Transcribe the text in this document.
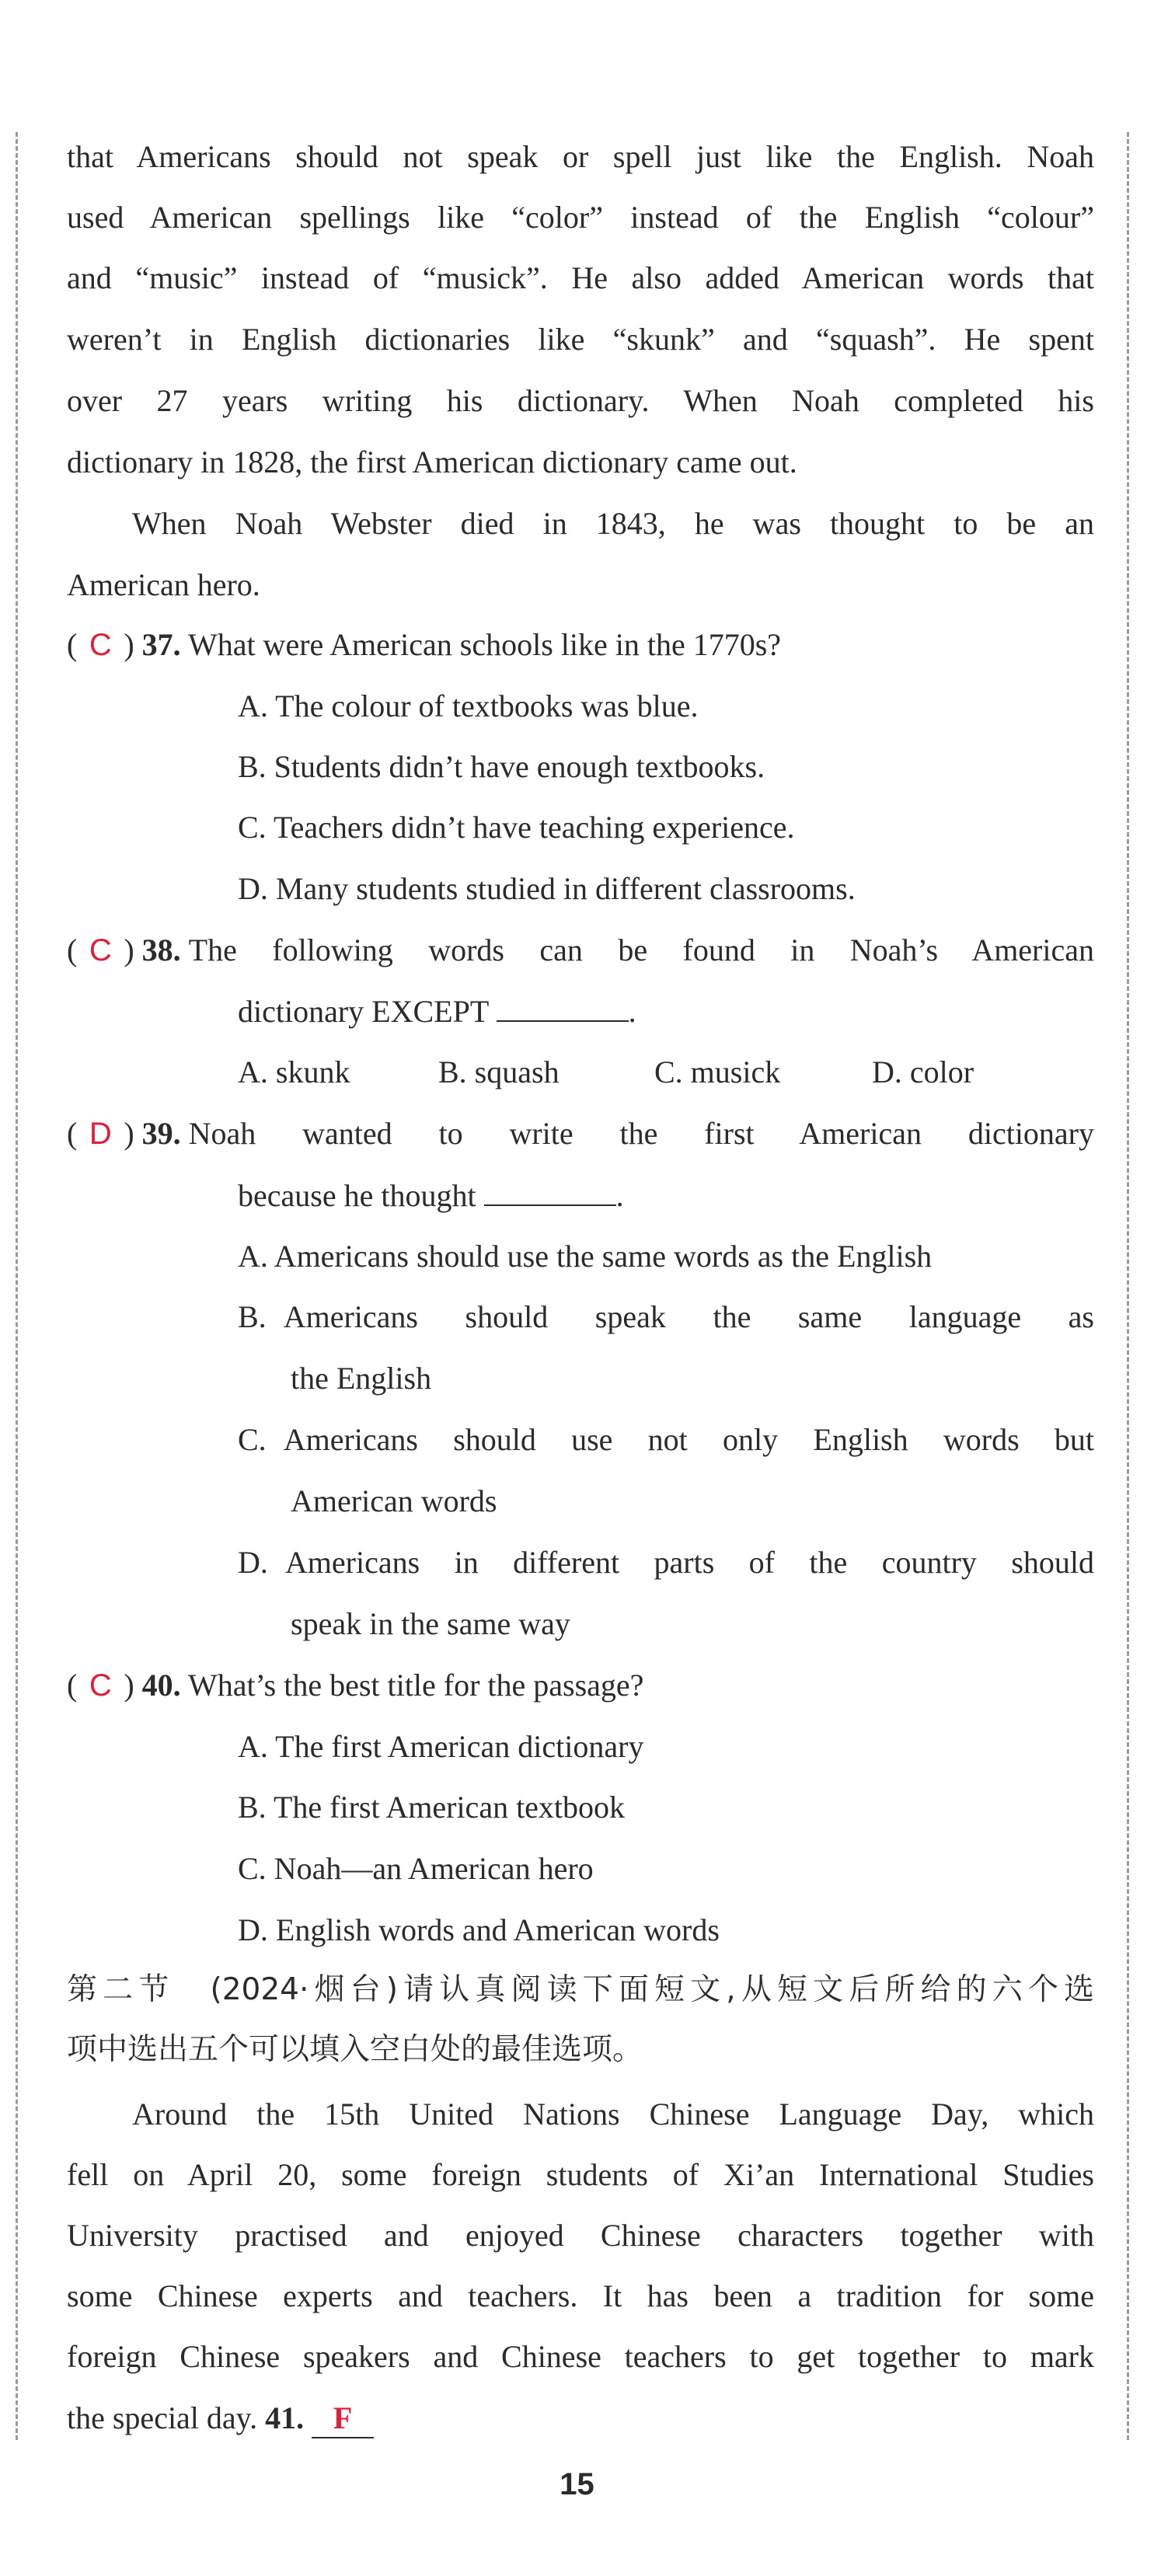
that Americans should not speak or spell just like the English. Noah
used American spellings like “color” instead of the English “colour”
and “music” instead of “musick”. He also added American words that
weren’t in English dictionaries like “skunk” and “squash”. He spent
over 27 years writing his dictionary. When Noah completed his
dictionary in 1828, the first American dictionary came out.
When Noah Webster died in 1843, he was thought to be an
American hero.
( C ) 37. What were American schools like in the 1770s?
A. The colour of textbooks was blue.
B. Students didn’t have enough textbooks.
C. Teachers didn’t have teaching experience.
D. Many students studied in different classrooms.
( C ) 38. The following words can be found in Noah’s American
dictionary EXCEPT	.
A. skunk	B. squash	C. musick	D. color
( D ) 39. Noah wanted to write the first American dictionary
because he thought	.
A. Americans should use the same words as the English
B. Americans should speak the same language as
the English
C. Americans should use not only English words but
American words
D. Americans in different parts of the country should
speak in the same way
( C ) 40. What’s the best title for the passage?
A. The first American dictionary
B. The first American textbook
C. Noah—an American hero
D. English words and American words
第二节　(2024·烟台)请认真阅读下面短文,从短文后所给的六个选
项中选出五个可以填入空白处的最佳选项。
Around the 15th United Nations Chinese Language Day, which
fell on April 20, some foreign students of Xi’an International Studies
University practised and enjoyed Chinese characters together with
some Chinese experts and teachers. It has been a tradition for some
foreign Chinese speakers and Chinese teachers to get together to mark
the special day. 41. F
15
